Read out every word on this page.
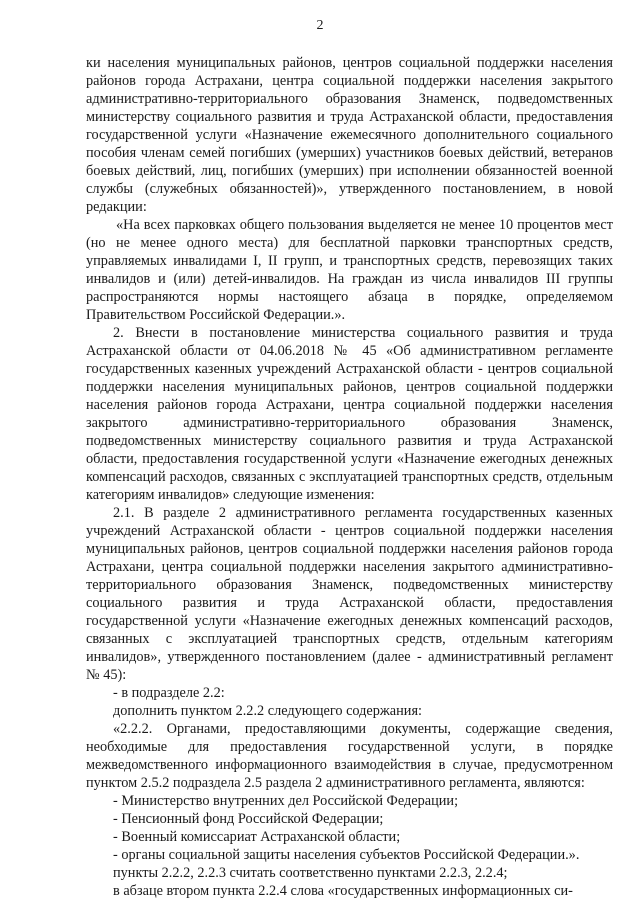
2

ки населения муниципальных районов, центров социальной поддержки населения районов города Астрахани, центра социальной поддержки населения закрытого административно-территориального образования Знаменск, подведомственных министерству социального развития и труда Астраханской области, предоставления государственной услуги «Назначение ежемесячного дополнительного социального пособия членам семей погибших (умерших) участников боевых действий, ветеранов боевых действий, лиц, погибших (умерших) при исполнении обязанностей военной службы (служебных обязанностей)», утвержденного постановлением, в новой редакции:

«На всех парковках общего пользования выделяется не менее 10 процентов мест (но не менее одного места) для бесплатной парковки транспортных средств, управляемых инвалидами I, II групп, и транспортных средств, перевозящих таких инвалидов и (или) детей-инвалидов. На граждан из числа инвалидов III группы распространяются нормы настоящего абзаца в порядке, определяемом Правительством Российской Федерации.».

2. Внести в постановление министерства социального развития и труда Астраханской области от 04.06.2018 № 45 «Об административном регламенте государственных казенных учреждений Астраханской области - центров социальной поддержки населения муниципальных районов, центров социальной поддержки населения районов города Астрахани, центра социальной поддержки населения закрытого административно-территориального образования Знаменск, подведомственных министерству социального развития и труда Астраханской области, предоставления государственной услуги «Назначение ежегодных денежных компенсаций расходов, связанных с эксплуатацией транспортных средств, отдельным категориям инвалидов» следующие изменения:

2.1. В разделе 2 административного регламента государственных казенных учреждений Астраханской области - центров социальной поддержки населения муниципальных районов, центров социальной поддержки населения районов города Астрахани, центра социальной поддержки населения закрытого административно-территориального образования Знаменск, подведомственных министерству социального развития и труда Астраханской области, предоставления государственной услуги «Назначение ежегодных денежных компенсаций расходов, связанных с эксплуатацией транспортных средств, отдельным категориям инвалидов», утвержденного постановлением (далее - административный регламент № 45):

- в подразделе 2.2:

дополнить пунктом 2.2.2 следующего содержания:

«2.2.2. Органами, предоставляющими документы, содержащие сведения, необходимые для предоставления государственной услуги, в порядке межведомственного информационного взаимодействия в случае, предусмотренном пунктом 2.5.2 подраздела 2.5 раздела 2 административного регламента, являются:

- Министерство внутренних дел Российской Федерации;

- Пенсионный фонд Российской Федерации;

- Военный комиссариат Астраханской области;

- органы социальной защиты населения субъектов Российской Федерации.».

пункты 2.2.2, 2.2.3 считать соответственно пунктами 2.2.3, 2.2.4;

в абзаце втором пункта 2.2.4 слова «государственных информационных си-
